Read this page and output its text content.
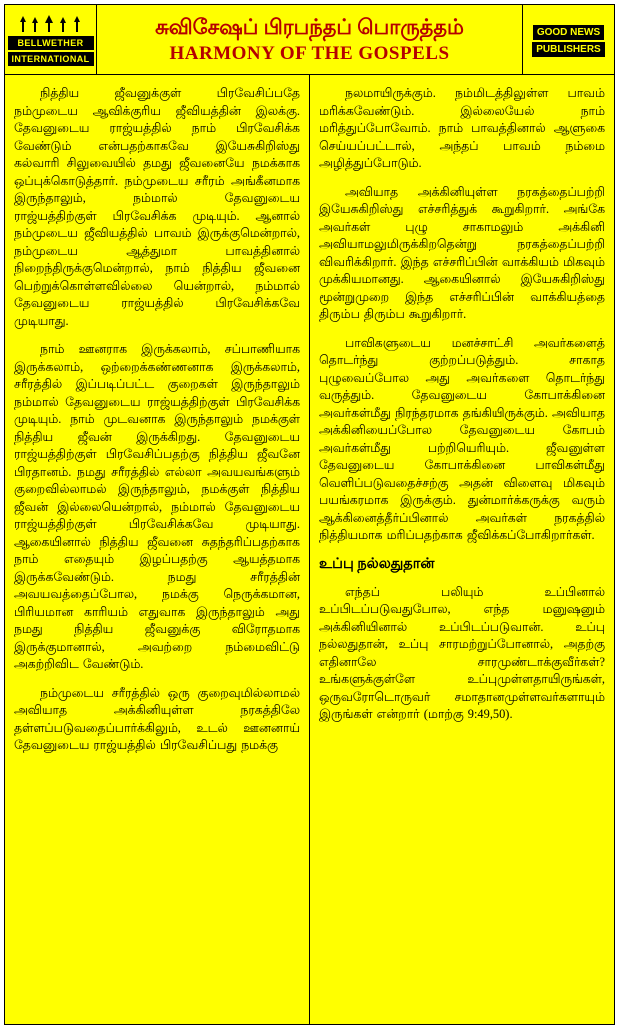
BELLWETHER
INTERNATIONAL
சுவிசேஷப் பிரபந்தப் பொருத்தம்
HARMONY OF THE GOSPELS
GOOD NEWS
PUBLISHERS

நித்திய ஜீவனுக்குள் பிரவேசிப்பதே நம்முடைய ஆவிக்குரிய ஜீவியத்தின் இலக்கு. தேவனுடைய ராஜ்யத்தில் நாம் பிரவேசிக்க வேண்டும் என்பதற்காகவே இயேசுகிறிஸ்து கல்வாரி சிலுவையில் தமது ஜீவனையே நமக்காக ஒப்புக்கொடுத்தார். நம்முடைய சரீரம் அங்கீனமாக இருந்தாலும், நம்மால் தேவனுடைய ராஜ்யத்திற்குள் பிரவேசிக்க முடியும். ஆனால் நம்முடைய ஜீவியத்தில் பாவம் இருக்குமென்றால், நம்முடைய ஆத்துமா பாவத்தினால் நிறைந்திருக்குமென்றால், நாம் நித்திய ஜீவனை பெற்றுக்கொள்ளவில்லை யென்றால், நம்மால் தேவனுடைய ராஜ்யத்தில் பிரவேசிக்கவே முடியாது.

நாம் ஊனராக இருக்கலாம், சப்பாணியாக இருக்கலாம், ஒற்றைக்கண்ணனாக இருக்கலாம், சரீரத்தில் இப்படிப்பட்ட குறைகள் இருந்தாலும் நம்மால் தேவனுடைய ராஜ்யத்திற்குள் பிரவேசிக்க முடியும். நாம் முடவனாக இருந்தாலும் நமக்குள் நித்திய ஜீவன் இருக்கிறது. தேவனுடைய ராஜ்யத்திற்குள் பிரவேசிப்பதற்கு நித்திய ஜீவனே பிரதானம். நமது சரீரத்தில் எல்லா அவயவங்களும் குறைவில்லாமல் இருந்தாலும், நமக்குள் நித்திய ஜீவன் இல்லையென்றால், நம்மால் தேவனுடைய ராஜ்யத்திற்குள் பிரவேசிக்கவே முடியாது. ஆகையினால் நித்திய ஜீவனை சுதந்தரிப்பதற்காக நாம் எதையும் இழப்பதற்கு ஆயத்தமாக இருக்கவேண்டும். நமது சரீரத்தின் அவயவத்தைப்போல, நமக்கு நெருக்கமான, பிரியமான காரியம் எதுவாக இருந்தாலும் அது நமது நித்திய ஜீவனுக்கு விரோதமாக இருக்குமானால், அவற்றை நம்மைவிட்டு அகற்றிவிட வேண்டும்.

நம்முடைய சரீரத்தில் ஒரு குறைவுமில்லாமல் அவியாத அக்கினியுள்ள நரகத்திலே தள்ளப்படுவதைப்பார்க்கிலும், உடல் ஊனனாய் தேவனுடைய ராஜ்யத்தில் பிரவேசிப்பது நமக்கு

நலமாயிருக்கும். நம்மிடத்திலுள்ள பாவம் மரிக்கவேண்டும். இல்லையேல் நாம் மரித்துப்போவோம். நாம் பாவத்தினால் ஆளுகை செய்யப்பட்டால், அந்தப் பாவம் நம்மை அழித்துப்போடும்.

அவியாத அக்கினியுள்ள நரகத்தைப்பற்றி இயேசுகிறிஸ்து எச்சரித்துக் கூறுகிறார். அங்கே அவர்கள் புழு சாகாமலும் அக்கினி அவியாமலுமிருக்கிறதென்று நரகத்தைப்பற்றி விவரிக்கிறார். இந்த எச்சரிப்பின் வாக்கியம் மிகவும் முக்கியமானது. ஆகையினால் இயேசுகிறிஸ்து மூன்றுமுறை இந்த எச்சரிப்பின் வாக்கியத்தை திரும்ப திரும்ப கூறுகிறார்.

பாவிகளுடைய மனச்சாட்சி அவர்களைத் தொடர்ந்து குற்றப்படுத்தும். சாகாத புழுவைப்போல அது அவர்களை தொடர்ந்து வருத்தும். தேவனுடைய கோபாக்கினை அவர்கள்மீது நிரந்தரமாக தங்கியிருக்கும். அவியாத அக்கினியைப்போல தேவனுடைய கோபம் அவர்கள்மீது பற்றியெரியும். ஜீவனுள்ள தேவனுடைய கோபாக்கினை பாவிகள்மீது வெளிப்படுவதைச்சற்கு அதன் விளைவு மிகவும் பயங்கரமாக இருக்கும். துன்மார்க்கருக்கு வரும் ஆக்கினைத்தீர்ப்பினால் அவர்கள் நரகத்தில் நித்தியமாக மரிப்பதற்காக ஜீவிக்கப்போகிறார்கள்.

உப்பு நல்லதுதான்

எந்தப் பலியும் உப்பினால் உப்பிடப்படுவதுபோல, எந்த மனுஷனும் அக்கினியினால் உப்பிடப்படுவான். உப்பு நல்லதுதான், உப்பு சாரமற்றுப்போனால், அதற்கு எதினாலே சாரமுண்டாக்குவீர்கள்? உங்களுக்குள்ளே உப்புமுள்ளதாயிருங்கள், ஒருவரோடொருவர் சமாதானமுள்ளவர்களாயும் இருங்கள் என்றார் (மாற்கு 9:49,50).
